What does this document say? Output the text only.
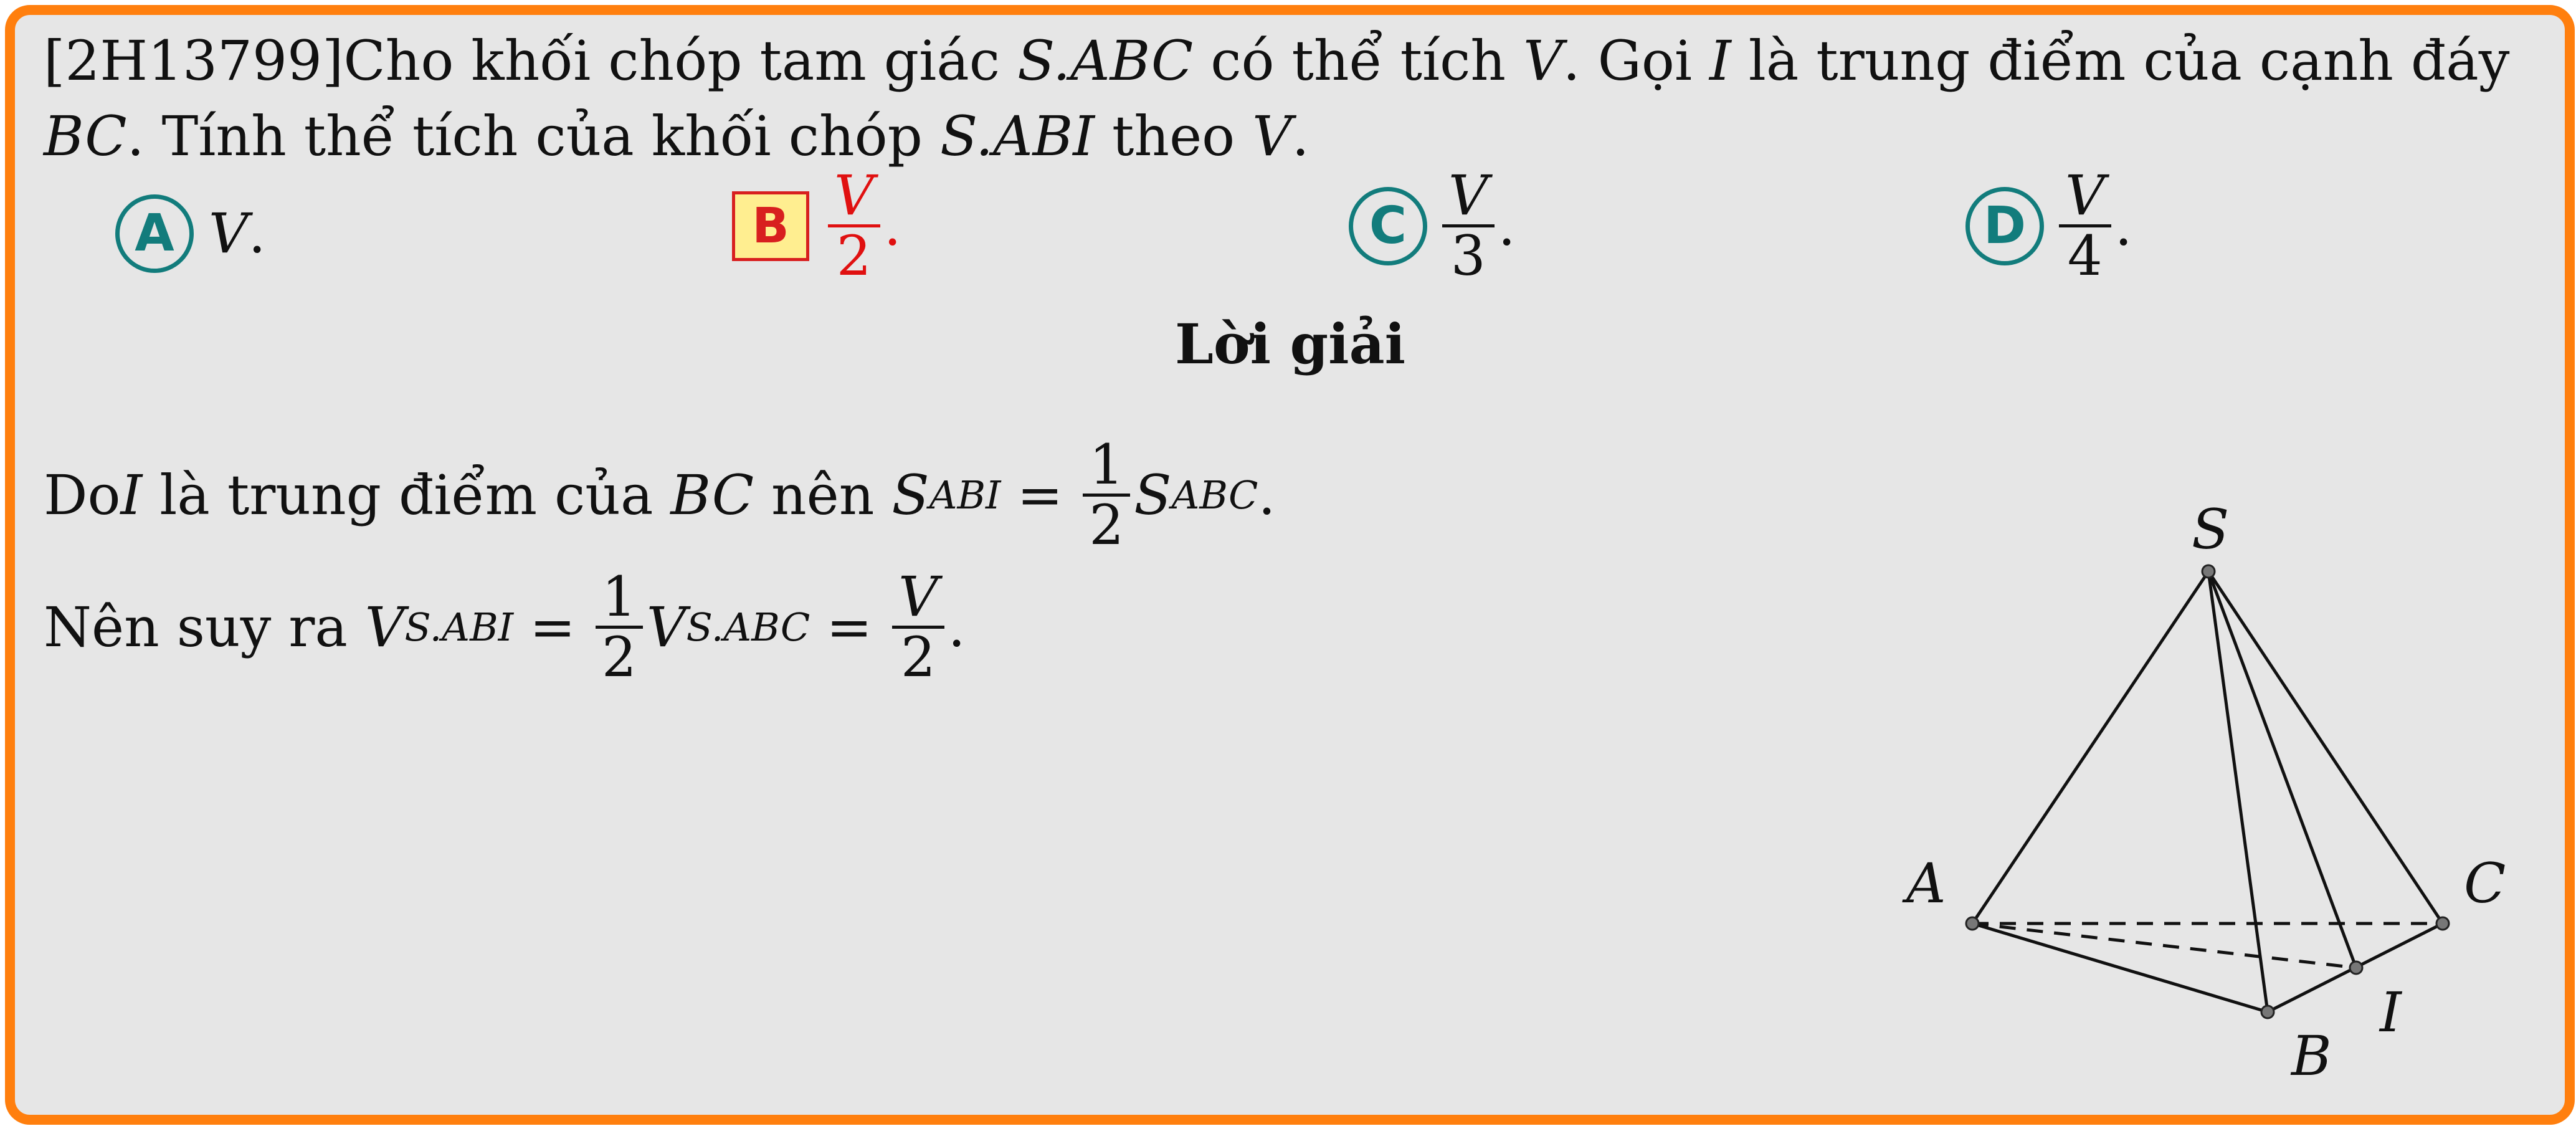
[2H13799]Cho khối chóp tam giác S.ABC có thể tích V. Gọi I là trung điểm của cạnh đáy
BC. Tính thể tích của khối chóp S.ABI theo V.
A V .	B V
2 .	C V
3 .	D V
4 .
Lời giải
Do I là trung điểm của BC nên S ABI = 1
2 S ABC .
Nên suy ra V S.ABI = 1
2 V S.ABC = V
2 .
S
A
B
C
I
